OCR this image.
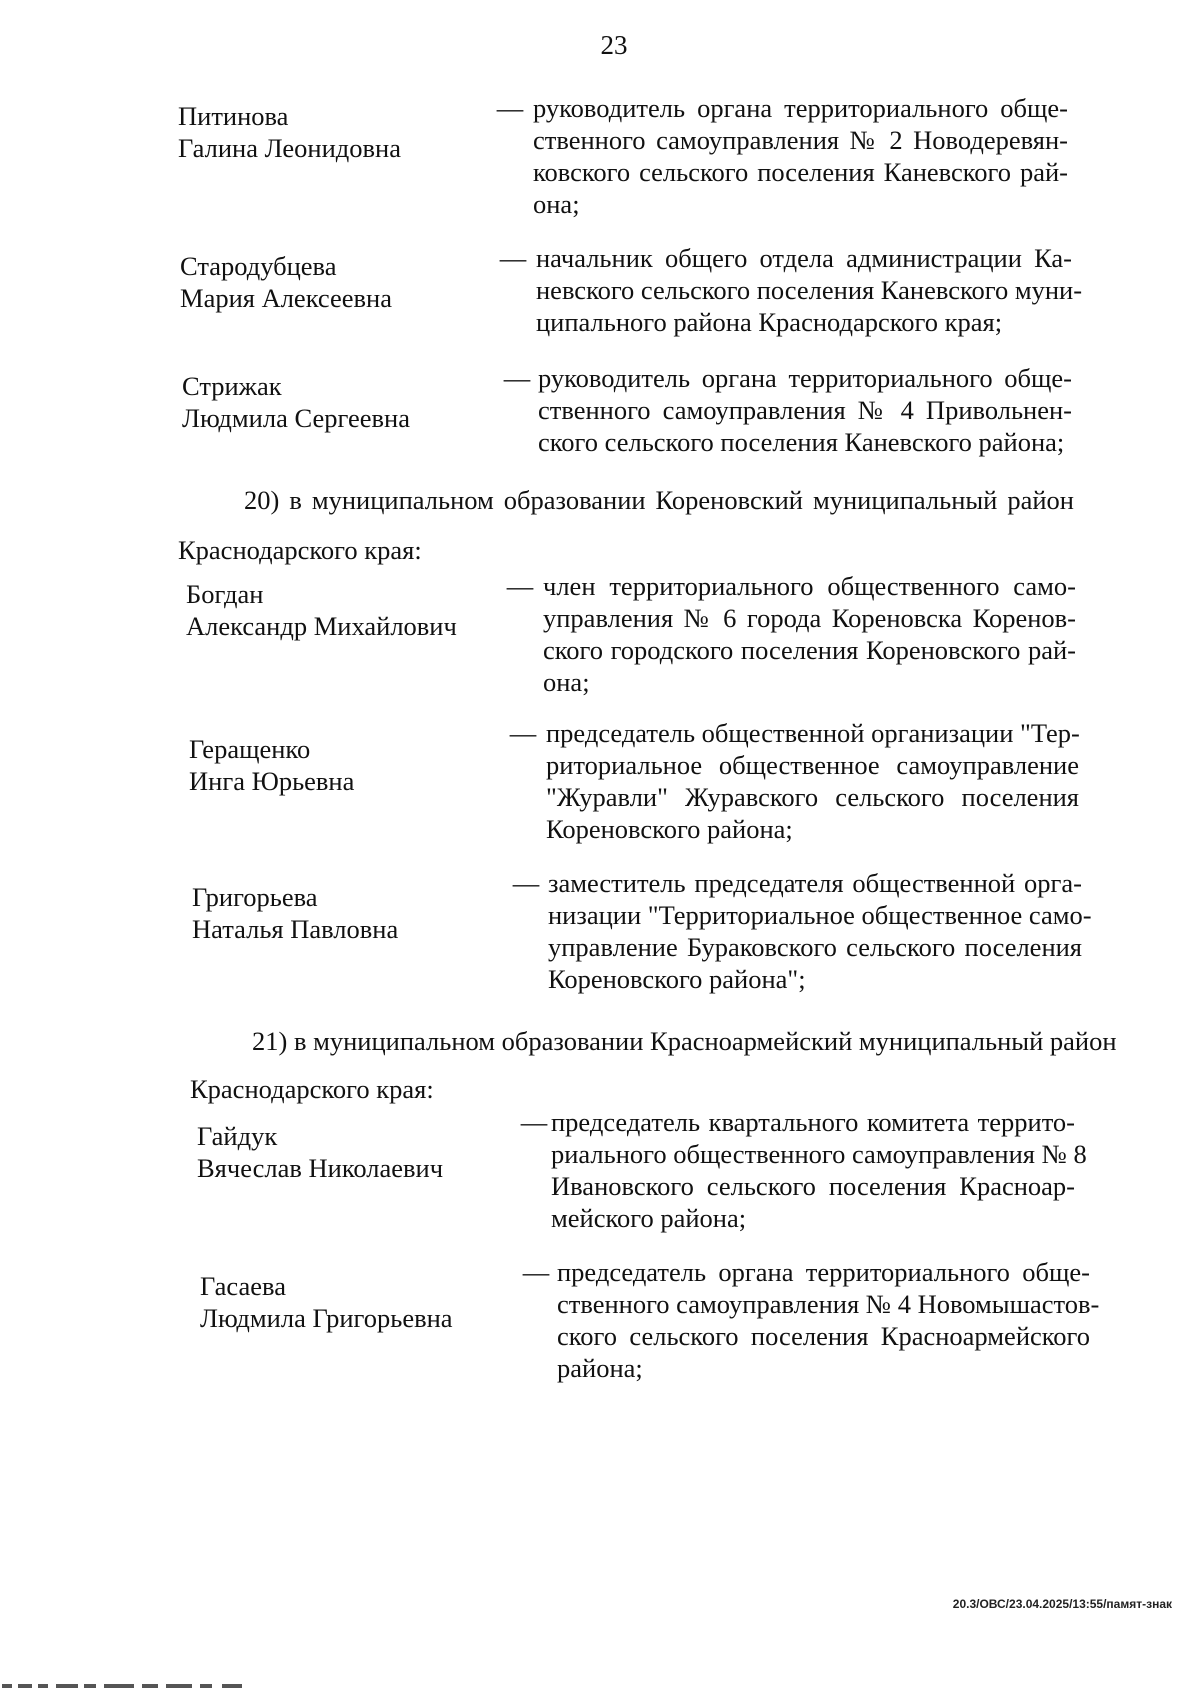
23
Питинова
Галина Леонидовна
— руководитель органа территориального обще-
ственного самоуправления № 2 Новодеревян-
ковского сельского поселения Каневского рай-
она;
Стародубцева
Мария Алексеевна
— начальник общего отдела администрации Ка-
невского сельского поселения Каневского муни-
ципального района Краснодарского края;
Стрижак
Людмила Сергеевна
— руководитель органа территориального обще-
ственного самоуправления № 4 Привольнен-
ского сельского поселения Каневского района;
20) в муниципальном образовании Кореновский муниципальный район
Краснодарского края:
Богдан
Александр Михайлович
— член территориального общественного само-
управления № 6 города Кореновска Коренов-
ского городского поселения Кореновского рай-
она;
Геращенко
Инга Юрьевна
— председатель общественной организации "Тер-
риториальное общественное самоуправление
"Журавли" Журавского сельского поселения
Кореновского района;
Григорьева
Наталья Павловна
— заместитель председателя общественной орга-
низации "Территориальное общественное само-
управление Бураковского сельского поселения
Кореновского района";
21) в муниципальном образовании Красноармейский муниципальный район
Краснодарского края:
Гайдук
Вячеслав Николаевич
— председатель квартального комитета террито-
риального общественного самоуправления № 8
Ивановского сельского поселения Красноар-
мейского района;
Гасаева
Людмила Григорьевна
— председатель органа территориального обще-
ственного самоуправления № 4 Новомышастов-
ского сельского поселения Красноармейского
района;
20.3/ОВС/23.04.2025/13:55/памят-знак
